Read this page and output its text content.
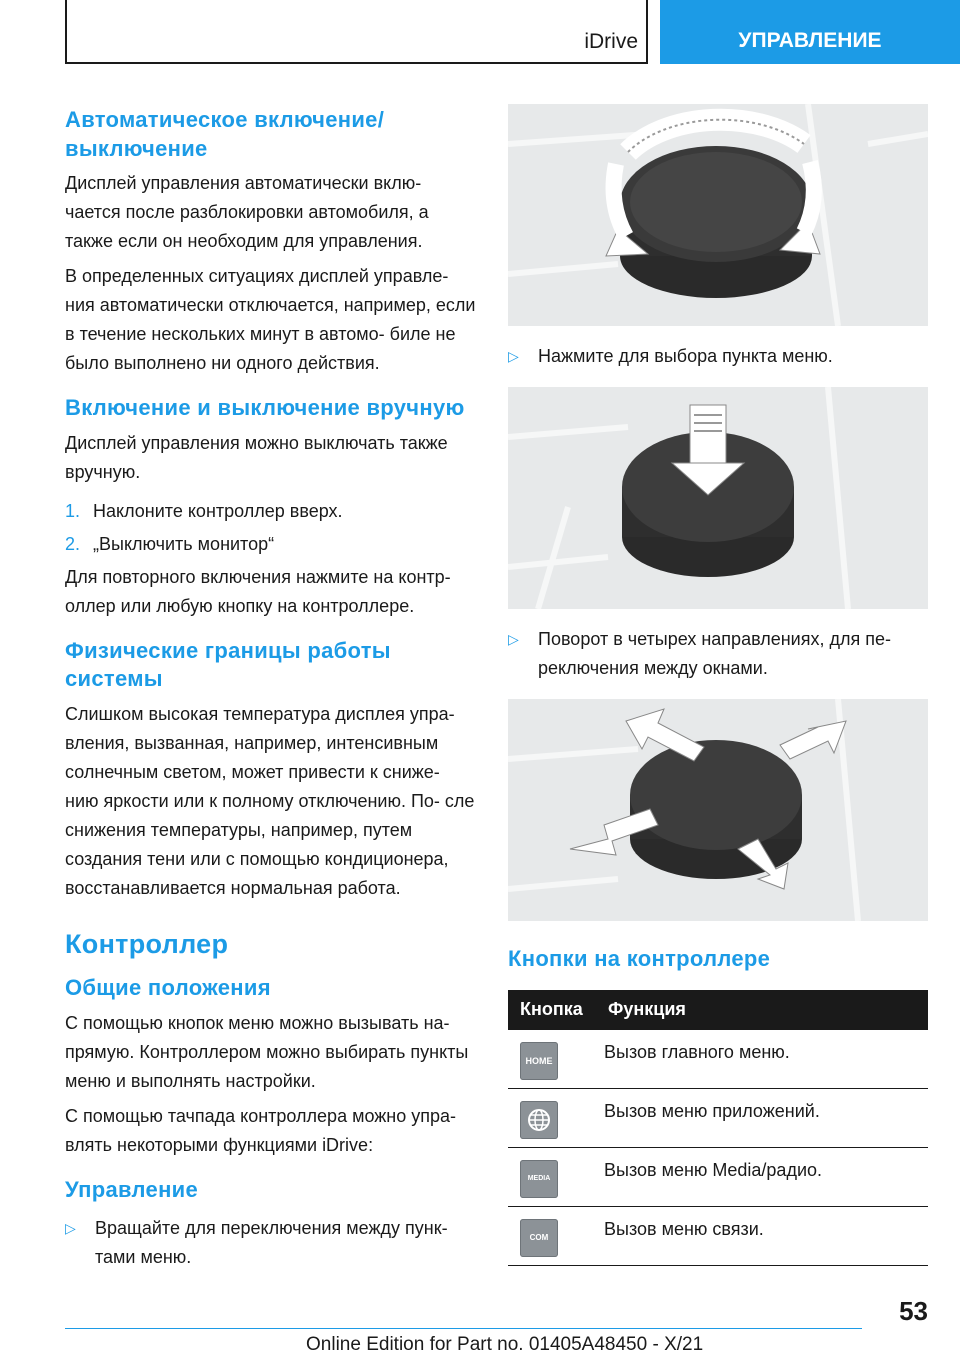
iDrive	УПРАВЛЕНИЕ
Автоматическое включение/ выключение

Дисплей управления автоматически вклю- чается после разблокировки автомобиля, а также если он необходим для управления.

В определенных ситуациях дисплей управле- ния автоматически отключается, например, если в течение нескольких минут в автомо- биле не было выполнено ни одного действия.

Включение и выключение вручную

Дисплей управления можно выключать также вручную.

1. Наклоните контроллер вверх.
2. „Выключить монитор“

Для повторного включения нажмите на контр- оллер или любую кнопку на контроллере.

Физические границы работы системы

Слишком высокая температура дисплея упра- вления, вызванная, например, интенсивным солнечным светом, может привести к сниже- нию яркости или к полному отключению. По- сле снижения температуры, например, путем создания тени или с помощью кондиционера, восстанавливается нормальная работа.

Контроллер
Общие положения

С помощью кнопок меню можно вызывать на- прямую. Контроллером можно выбирать пункты меню и выполнять настройки.

С помощью тачпада контроллера можно упра- влять некоторыми функциями iDrive:

Управление
▷	Вращайте для переключения между пунк- тами меню.
▷	Нажмите для выбора пункта меню.
▷	Поворот в четырех направлениях, для пе- реключения между окнами.
Кнопки на контроллере
Кнопка	Функция

HOME	Вызов главного меню.

	Вызов меню приложений.

MEDIA	Вызов меню Media/радио.

COM	Вызов меню связи.
53
Online Edition for Part no. 01405A48450 - X/21
